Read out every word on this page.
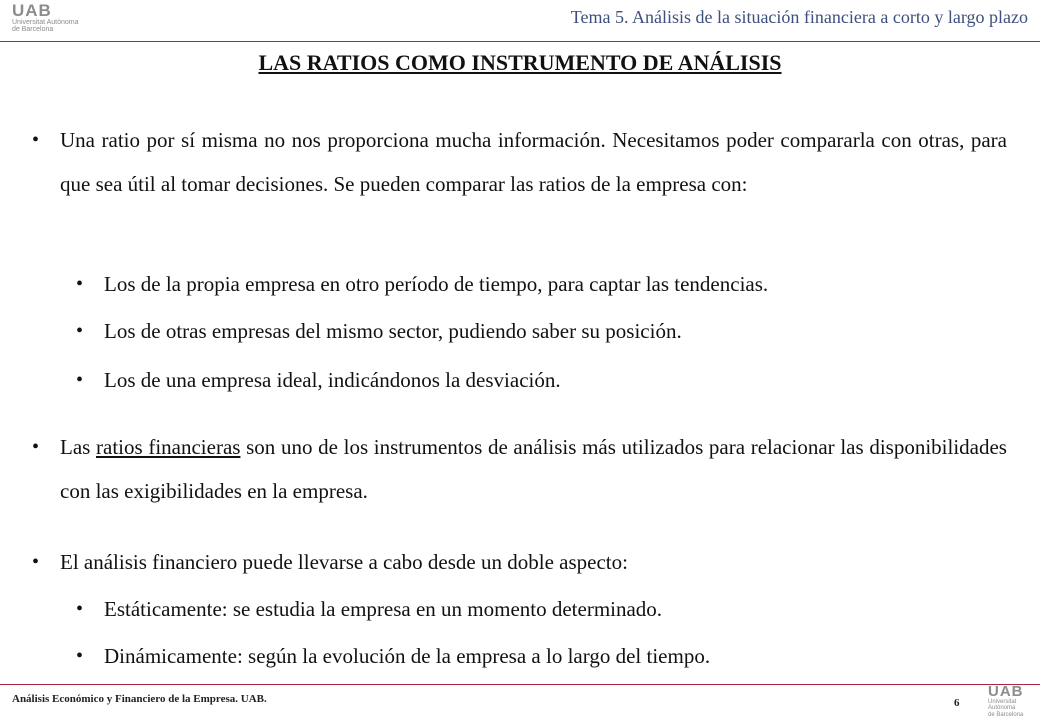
UAB
Universitat Autònoma
de Barcelona
Tema 5. Análisis de la situación financiera a corto y largo plazo
LAS RATIOS COMO INSTRUMENTO DE ANÁLISIS
• Una ratio por sí misma no nos proporciona mucha información. Necesitamos poder compararla con otras, para que sea útil al tomar decisiones. Se pueden comparar las ratios de la empresa con:
• Los de la propia empresa en otro período de tiempo, para captar las tendencias.
• Los de otras empresas del mismo sector, pudiendo saber su posición.
• Los de una empresa ideal, indicándonos la desviación.
• Las ratios financieras son uno de los instrumentos de análisis más utilizados para relacionar las disponibilidades con las exigibilidades en la empresa.
• El análisis financiero puede llevarse a cabo desde un doble aspecto:
• Estáticamente: se estudia la empresa en un momento determinado.
• Dinámicamente: según la evolución de la empresa a lo largo del tiempo.
Análisis Económico y Financiero de la Empresa. UAB.	6
UAB
Universitat Autònoma
de Barcelona
